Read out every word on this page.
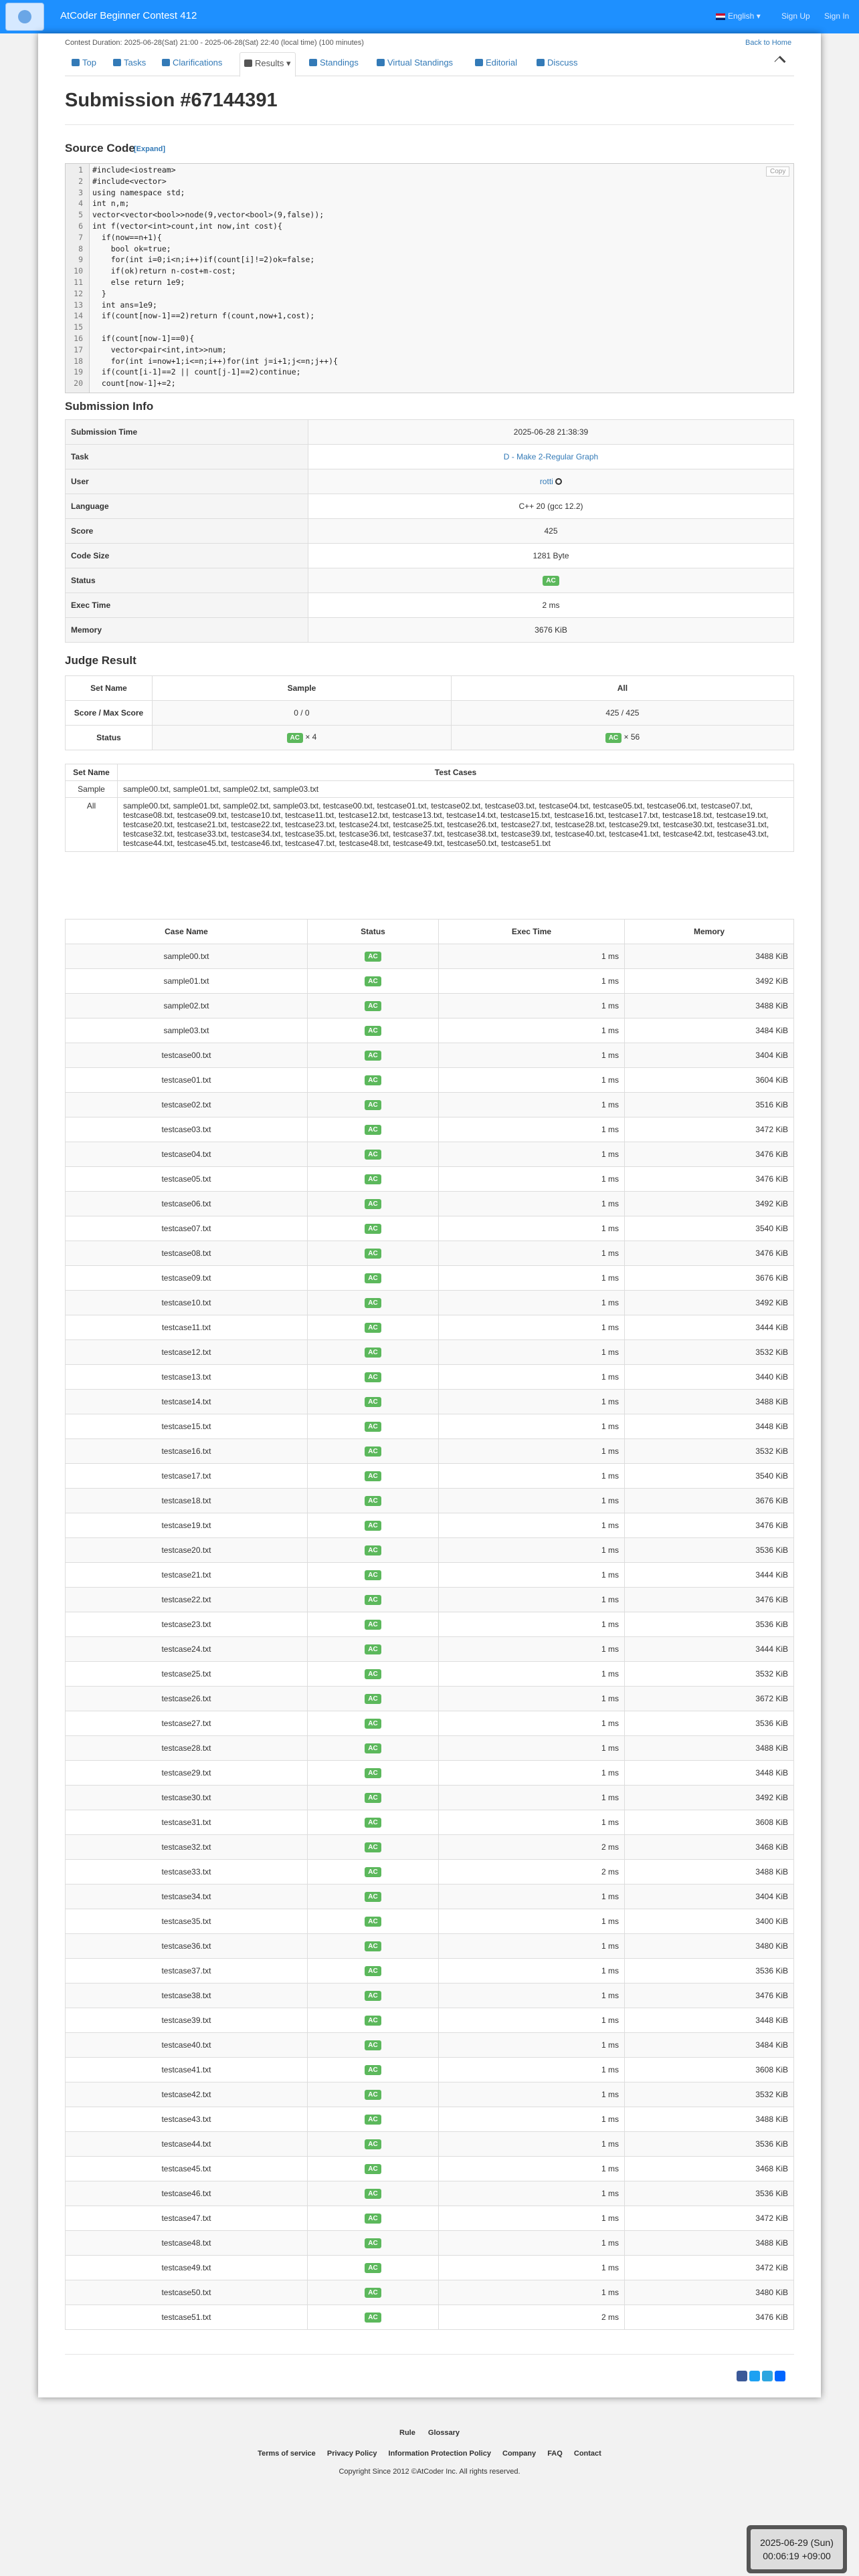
AtCoder Beginner Contest 412	English ▾	Sign Up Sign In
Contest Duration: 2025-06-28(Sat) 21:00 - 2025-06-28(Sat) 22:40 (local time) (100 minutes)	Back to Home
Top	Tasks	Clarifications	Results ▾	Standings	Virtual Standings	Editorial	Discuss
Submission #67144391
Source Code
[Expand]
Copy
1 #include<iostream>
2 #include<vector>
3 using namespace std;
4 int n,m;
5 vector<vector<bool>>node(9,vector<bool>(9,false));
6 int f(vector<int>count,int now,int cost){
7 if(now==n+1){
8 bool ok=true;
9 for(int i=0;i<n;i++)if(count[i]!=2)ok=false;
10 if(ok)return n-cost+m-cost;
11 else return 1e9;
12 }
13 int ans=1e9;
14 if(count[now-1]==2)return f(count,now+1,cost);
15
16 if(count[now-1]==0){
17 vector<pair<int,int>>num;
18 for(int i=now+1;i<=n;i++)for(int j=i+1;j<=n;j++){
19 if(count[i-1]==2 || count[j-1]==2)continue;
20 count[now-1]+=2;
Submission Info
Submission Time	2025-06-28 21:38:39
Task	D - Make 2-Regular Graph
User	rotti
Language	C++ 20 (gcc 12.2)
Score	425
Code Size	1281 Byte
Status	AC
Exec Time	2 ms
Memory	3676 KiB
Judge Result
Set Name	Sample	All
Score / Max Score	0 / 0	425 / 425
Status	AC × 4	AC × 56
Set Name	Test Cases
Sample	sample00.txt, sample01.txt, sample02.txt, sample03.txt
All	sample00.txt, sample01.txt, sample02.txt, sample03.txt, testcase00.txt, testcase01.txt, testcase02.txt, testcase03.txt, testcase04.txt, testcase05.txt, testcase06.txt, testcase07.txt, testcase08.txt, testcase09.txt, testcase10.txt, testcase11.txt, testcase12.txt, testcase13.txt, testcase14.txt, testcase15.txt, testcase16.txt, testcase17.txt, testcase18.txt, testcase19.txt, testcase20.txt, testcase21.txt, testcase22.txt, testcase23.txt, testcase24.txt, testcase25.txt, testcase26.txt, testcase27.txt, testcase28.txt, testcase29.txt, testcase30.txt, testcase31.txt, testcase32.txt, testcase33.txt, testcase34.txt, testcase35.txt, testcase36.txt, testcase37.txt, testcase38.txt, testcase39.txt, testcase40.txt, testcase41.txt, testcase42.txt, testcase43.txt, testcase44.txt, testcase45.txt, testcase46.txt, testcase47.txt, testcase48.txt, testcase49.txt, testcase50.txt, testcase51.txt
Case Name	Status	Exec Time	Memory
sample00.txt	AC	1 ms	3488 KiB
sample01.txt	AC	1 ms	3492 KiB
sample02.txt	AC	1 ms	3488 KiB
sample03.txt	AC	1 ms	3484 KiB
testcase00.txt	AC	1 ms	3404 KiB
testcase01.txt	AC	1 ms	3604 KiB
testcase02.txt	AC	1 ms	3516 KiB
testcase03.txt	AC	1 ms	3472 KiB
testcase04.txt	AC	1 ms	3476 KiB
testcase05.txt	AC	1 ms	3476 KiB
testcase06.txt	AC	1 ms	3492 KiB
testcase07.txt	AC	1 ms	3540 KiB
testcase08.txt	AC	1 ms	3476 KiB
testcase09.txt	AC	1 ms	3676 KiB
testcase10.txt	AC	1 ms	3492 KiB
testcase11.txt	AC	1 ms	3444 KiB
testcase12.txt	AC	1 ms	3532 KiB
testcase13.txt	AC	1 ms	3440 KiB
testcase14.txt	AC	1 ms	3488 KiB
testcase15.txt	AC	1 ms	3448 KiB
testcase16.txt	AC	1 ms	3532 KiB
testcase17.txt	AC	1 ms	3540 KiB
testcase18.txt	AC	1 ms	3676 KiB
testcase19.txt	AC	1 ms	3476 KiB
testcase20.txt	AC	1 ms	3536 KiB
testcase21.txt	AC	1 ms	3444 KiB
testcase22.txt	AC	1 ms	3476 KiB
testcase23.txt	AC	1 ms	3536 KiB
testcase24.txt	AC	1 ms	3444 KiB
testcase25.txt	AC	1 ms	3532 KiB
testcase26.txt	AC	1 ms	3672 KiB
testcase27.txt	AC	1 ms	3536 KiB
testcase28.txt	AC	1 ms	3488 KiB
testcase29.txt	AC	1 ms	3448 KiB
testcase30.txt	AC	1 ms	3492 KiB
testcase31.txt	AC	1 ms	3608 KiB
testcase32.txt	AC	2 ms	3468 KiB
testcase33.txt	AC	2 ms	3488 KiB
testcase34.txt	AC	1 ms	3404 KiB
testcase35.txt	AC	1 ms	3400 KiB
testcase36.txt	AC	1 ms	3480 KiB
testcase37.txt	AC	1 ms	3536 KiB
testcase38.txt	AC	1 ms	3476 KiB
testcase39.txt	AC	1 ms	3448 KiB
testcase40.txt	AC	1 ms	3484 KiB
testcase41.txt	AC	1 ms	3608 KiB
testcase42.txt	AC	1 ms	3532 KiB
testcase43.txt	AC	1 ms	3488 KiB
testcase44.txt	AC	1 ms	3536 KiB
testcase45.txt	AC	1 ms	3468 KiB
testcase46.txt	AC	1 ms	3536 KiB
testcase47.txt	AC	1 ms	3472 KiB
testcase48.txt	AC	1 ms	3488 KiB
testcase49.txt	AC	1 ms	3472 KiB
testcase50.txt	AC	1 ms	3480 KiB
testcase51.txt	AC	2 ms	3476 KiB
Rule Glossary
Terms of service Privacy Policy Information Protection Policy Company FAQ Contact
Copyright Since 2012 ©AtCoder Inc. All rights reserved.
2025-06-29 (Sun)
00:06:19 +09:00
